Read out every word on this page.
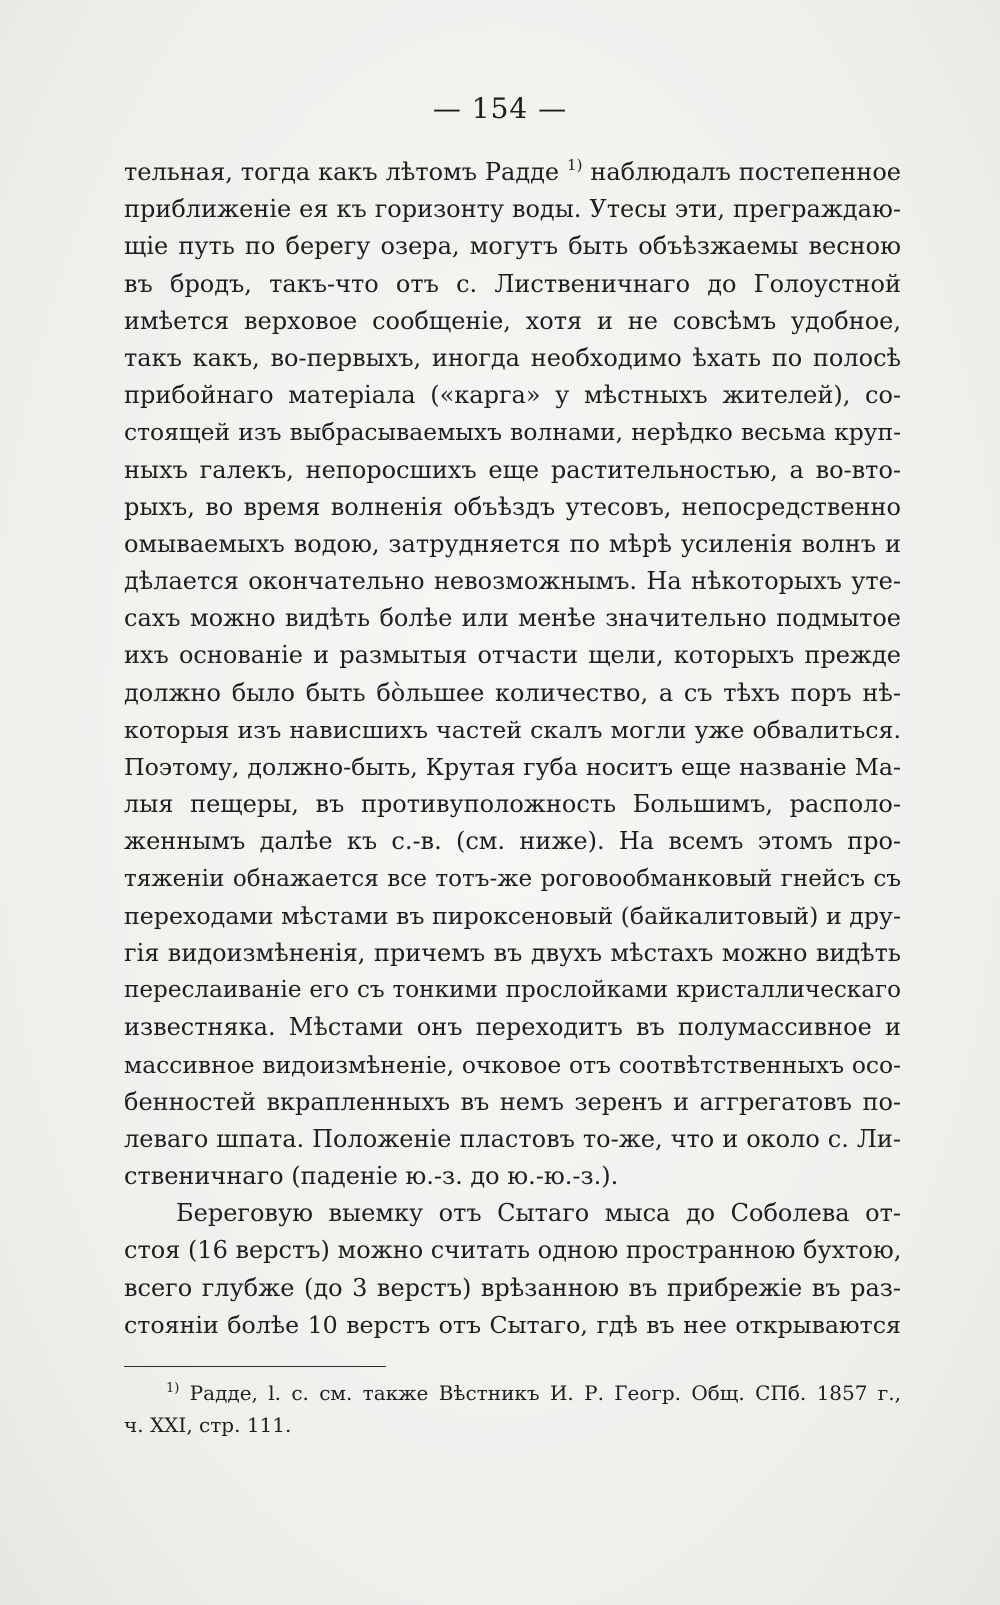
— 154 —
тельная, тогда какъ лѣтомъ Радде $^{1)}$ наблюдалъ постепенное
приближеніе ея къ горизонту воды. Утесы эти, преграждаю-
щіе путь по берегу озера, могутъ быть объѣзжаемы весною
въ бродъ, такъ-что отъ с. Лиственичнаго до Голоустной
имѣется верховое сообщеніе, хотя и не совсѣмъ удобное,
такъ какъ, во-первыхъ, иногда необходимо ѣхать по полосѣ
прибойнаго матеріала («карга» у мѣстныхъ жителей), со-
стоящей изъ выбрасываемыхъ волнами, нерѣдко весьма круп-
ныхъ галекъ, непоросшихъ еще растительностью, а во-вто-
рыхъ, во время волненія объѣздъ утесовъ, непосредственно
омываемыхъ водою, затрудняется по мѣрѣ усиленія волнъ и
дѣлается окончательно невозможнымъ. На нѣкоторыхъ уте-
сахъ можно видѣть болѣе или менѣе значительно подмытое
ихъ основаніе и размытыя отчасти щели, которыхъ прежде
должно было быть бо̀льшее количество, а съ тѣхъ поръ нѣ-
которыя изъ нависшихъ частей скалъ могли уже обвалиться.
Поэтому, должно-быть, Крутая губа носитъ еще названіе Ма-
лыя пещеры, въ противуположность Большимъ, располо-
женнымъ далѣе къ с.-в. (см. ниже). На всемъ этомъ про-
тяженіи обнажается все тотъ-же роговообманковый гнейсъ съ
переходами мѣстами въ пироксеновый (байкалитовый) и дру-
гія видоизмѣненія, причемъ въ двухъ мѣстахъ можно видѣть
переслаиваніе его съ тонкими прослойками кристаллическаго
известняка. Мѣстами онъ переходитъ въ полумассивное и
массивное видоизмѣненіе, очковое отъ соотвѣтственныхъ осо-
бенностей вкрапленныхъ въ немъ зеренъ и аггрегатовъ по-
леваго шпата. Положеніе пластовъ то-же, что и около с. Ли-
ственичнаго (паденіе ю.-з. до ю.-ю.-з.).
Береговую выемку отъ Сытаго мыса до Соболева от-
стоя (16 верстъ) можно считать одною пространною бухтою,
всего глубже (до 3 верстъ) врѣзанною въ прибрежіе въ раз-
стояніи болѣе 10 верстъ отъ Сытаго, гдѣ въ нее открываются
$^{1)}$ Радде, l. c. см. также Вѣстникъ И. Р. Геогр. Общ. СПб. 1857 г.,
ч. XXI, стр. 111.
